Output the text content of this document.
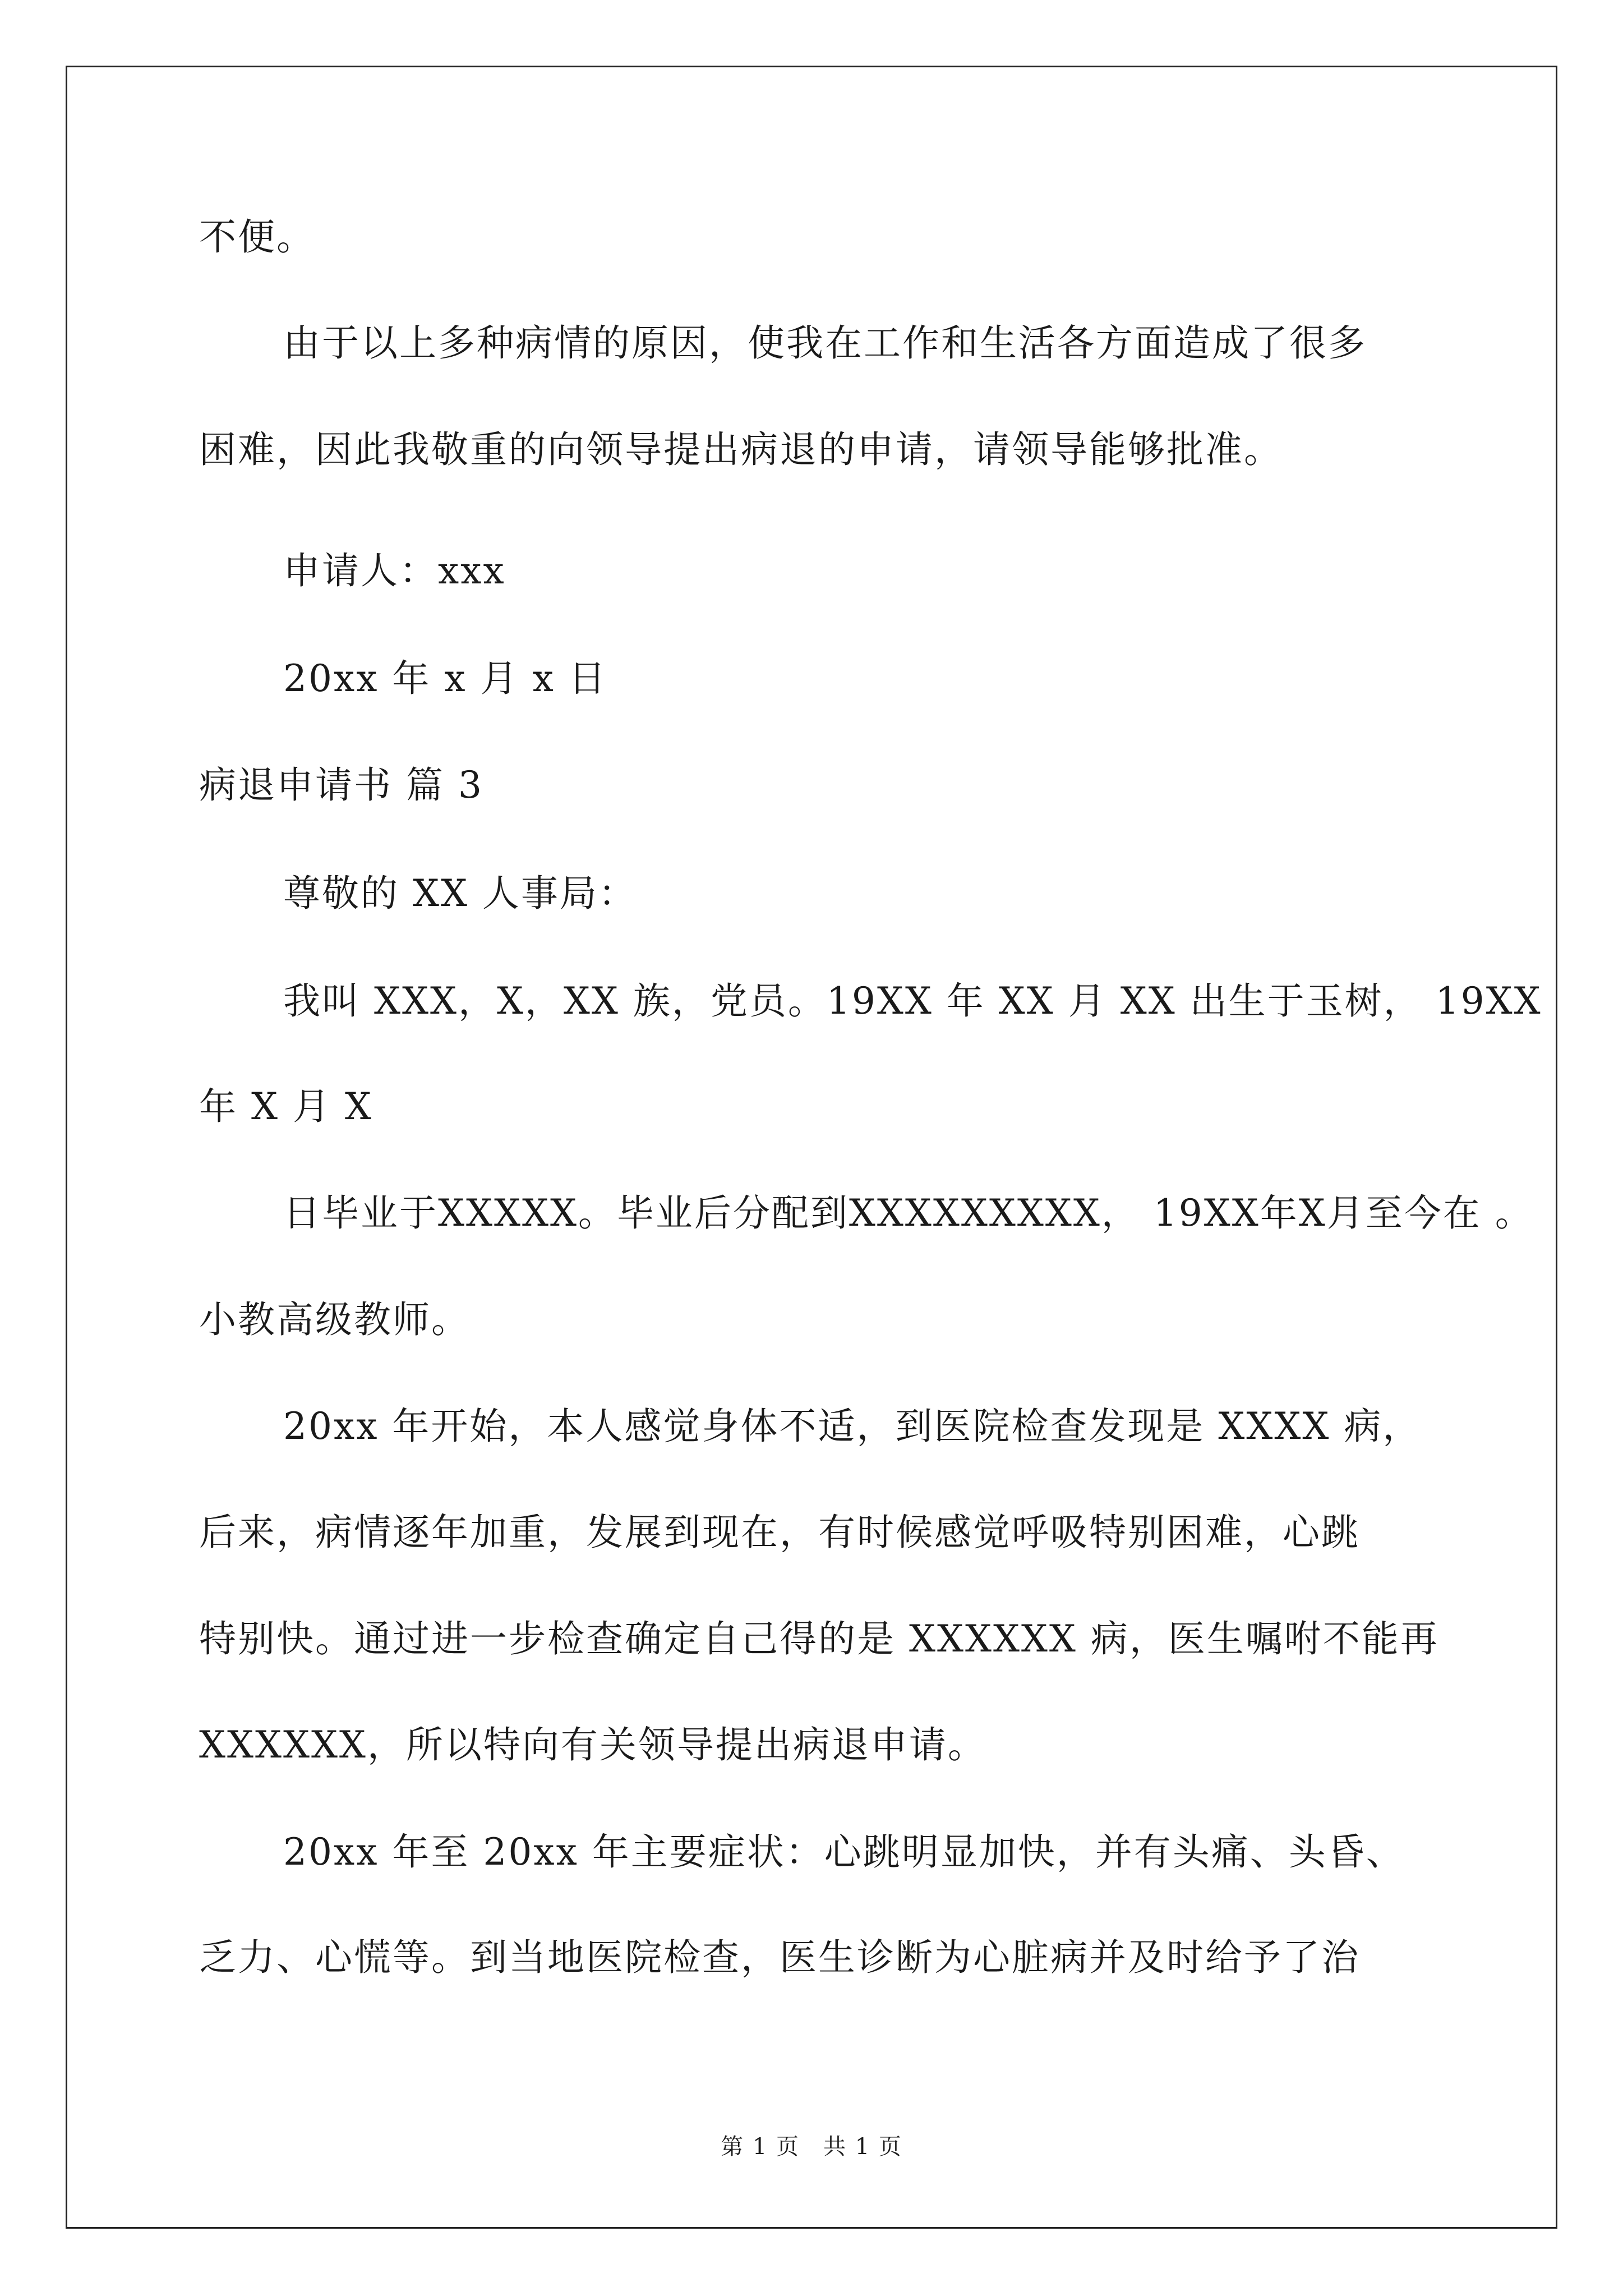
不便。
由于以上多种病情的原因，使我在工作和生活各方面造成了很多
困难，因此我敬重的向领导提出病退的申请，请领导能够批准。
申请人：xxx
20xx 年 x 月 x 日
病退申请书 篇 3
尊敬的 XX 人事局：
我叫 XXX，X，XX 族，党员。19XX 年 XX 月 XX 出生于玉树， 19XX
年 X 月 X
日毕业于XXXXX。毕业后分配到XXXXXXXXX， 19XX年X月至今在 。
小教高级教师。
20xx 年开始，本人感觉身体不适，到医院检查发现是 XXXX 病，
后来，病情逐年加重，发展到现在，有时候感觉呼吸特别困难，心跳
特别快。通过进一步检查确定自己得的是 XXXXXX 病，医生嘱咐不能再
XXXXXX，所以特向有关领导提出病退申请。
20xx 年至 20xx 年主要症状：心跳明显加快，并有头痛、头昏、
乏力、心慌等。到当地医院检查，医生诊断为心脏病并及时给予了治
第 1 页　共 1 页
